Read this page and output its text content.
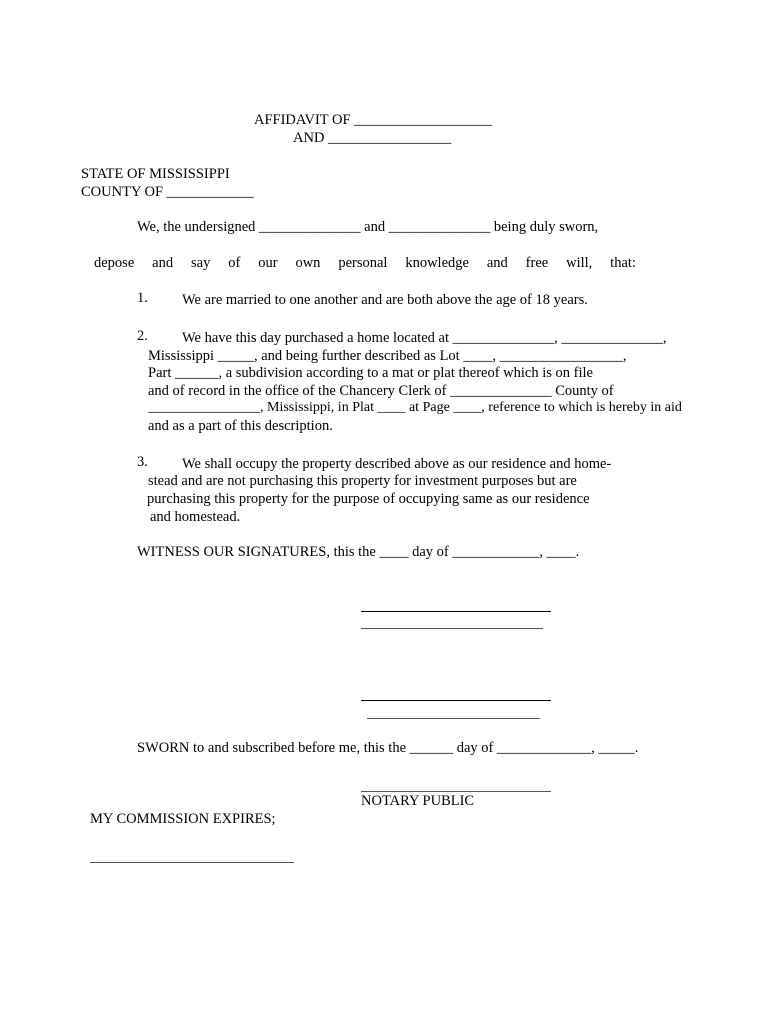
AFFIDAVIT OF ___________________
AND _________________
STATE OF MISSISSIPPI
COUNTY OF ____________
We, the undersigned ______________ and ______________ being duly sworn,
depose and say of our own personal knowledge and free will, that:
1. We are married to one another and are both above the age of 18 years.
2. We have this day purchased a home located at ______________, ______________,
Mississippi _____, and being further described as Lot ____, _________________,
Part ______, a subdivision according to a mat or plat thereof which is on file
and of record in the office of the Chancery Clerk of ______________ County of
________________, Mississippi, in Plat ____ at Page ____, reference to which is hereby in aid
and as a part of this description.
3. We shall occupy the property described above as our residence and home-
stead and are not purchasing this property for investment purposes but are
purchasing this property for the purpose of occupying same as our residence
and homestead.
WITNESS OUR SIGNATURES, this the ____ day of ____________, ____.
SWORN to and subscribed before me, this the ______ day of _____________, _____.
NOTARY PUBLIC
MY COMMISSION EXPIRES;
